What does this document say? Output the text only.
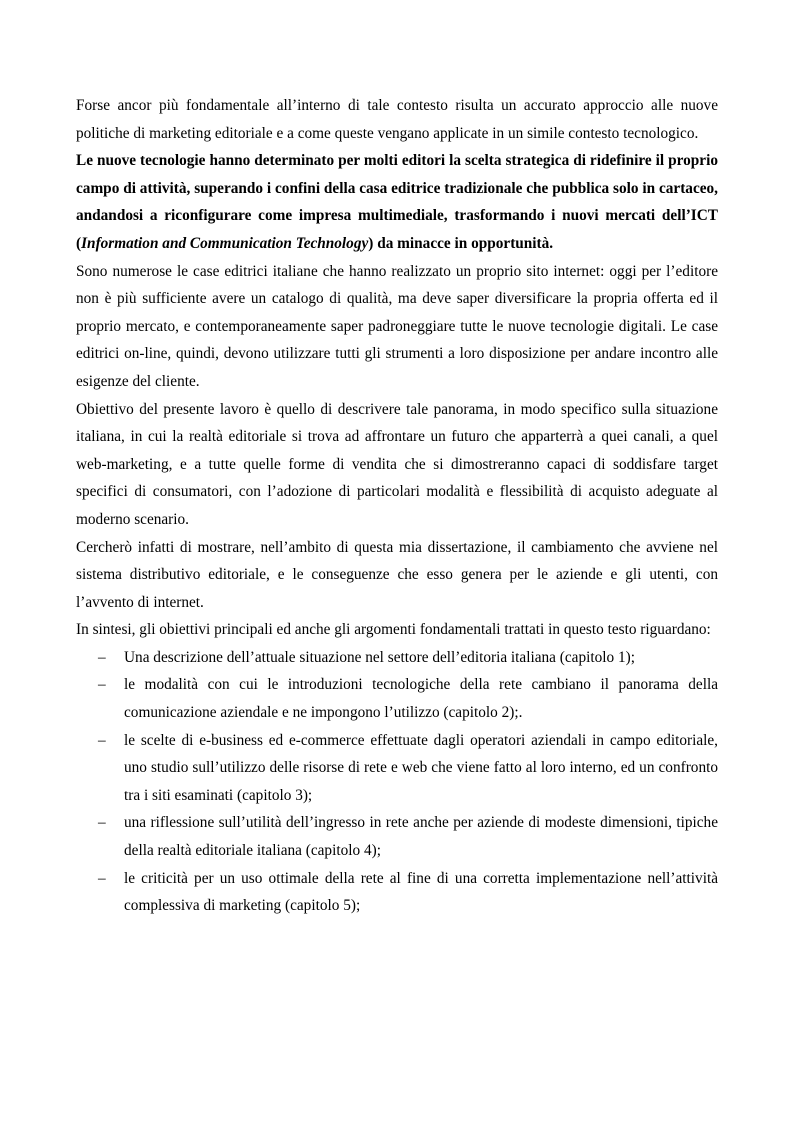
Forse ancor più fondamentale all’interno di tale contesto risulta un accurato approccio alle nuove politiche di marketing editoriale e a come queste vengano applicate in un simile contesto tecnologico.

Le nuove tecnologie hanno determinato per molti editori la scelta strategica di ridefinire il proprio campo di attività, superando i confini della casa editrice tradizionale che pubblica solo in cartaceo, andandosi a riconfigurare come impresa multimediale, trasformando i nuovi mercati dell’ICT (Information and Communication Technology) da minacce in opportunità.

Sono numerose le case editrici italiane che hanno realizzato un proprio sito internet: oggi per l’editore non è più sufficiente avere un catalogo di qualità, ma deve saper diversificare la propria offerta ed il proprio mercato, e contemporaneamente saper padroneggiare tutte le nuove tecnologie digitali. Le case editrici on-line, quindi, devono utilizzare tutti gli strumenti a loro disposizione per andare incontro alle esigenze del cliente.

Obiettivo del presente lavoro è quello di descrivere tale panorama, in modo specifico sulla situazione italiana, in cui la realtà editoriale si trova ad affrontare un futuro che apparterrà a quei canali, a quel web-marketing, e a tutte quelle forme di vendita che si dimostreranno capaci di soddisfare target specifici di consumatori, con l’adozione di particolari modalità e flessibilità di acquisto adeguate al moderno scenario.

Cercherò infatti di mostrare, nell’ambito di questa mia dissertazione, il cambiamento che avviene nel sistema distributivo editoriale, e le conseguenze che esso genera per le aziende e gli utenti, con l’avvento di internet.

In sintesi, gli obiettivi principali ed anche gli argomenti fondamentali trattati in questo testo riguardano:

– Una descrizione dell’attuale situazione nel settore dell’editoria italiana (capitolo 1);
– le modalità con cui le introduzioni tecnologiche della rete cambiano il panorama della comunicazione aziendale e ne impongono l’utilizzo (capitolo 2);.
– le scelte di e-business ed e-commerce effettuate dagli operatori aziendali in campo editoriale, uno studio sull’utilizzo delle risorse di rete e web che viene fatto al loro interno, ed un confronto tra i siti esaminati (capitolo 3);
– una riflessione sull’utilità dell’ingresso in rete anche per aziende di modeste dimensioni, tipiche della realtà editoriale italiana (capitolo 4);
– le criticità per un uso ottimale della rete al fine di una corretta implementazione nell’attività complessiva di marketing (capitolo 5);
